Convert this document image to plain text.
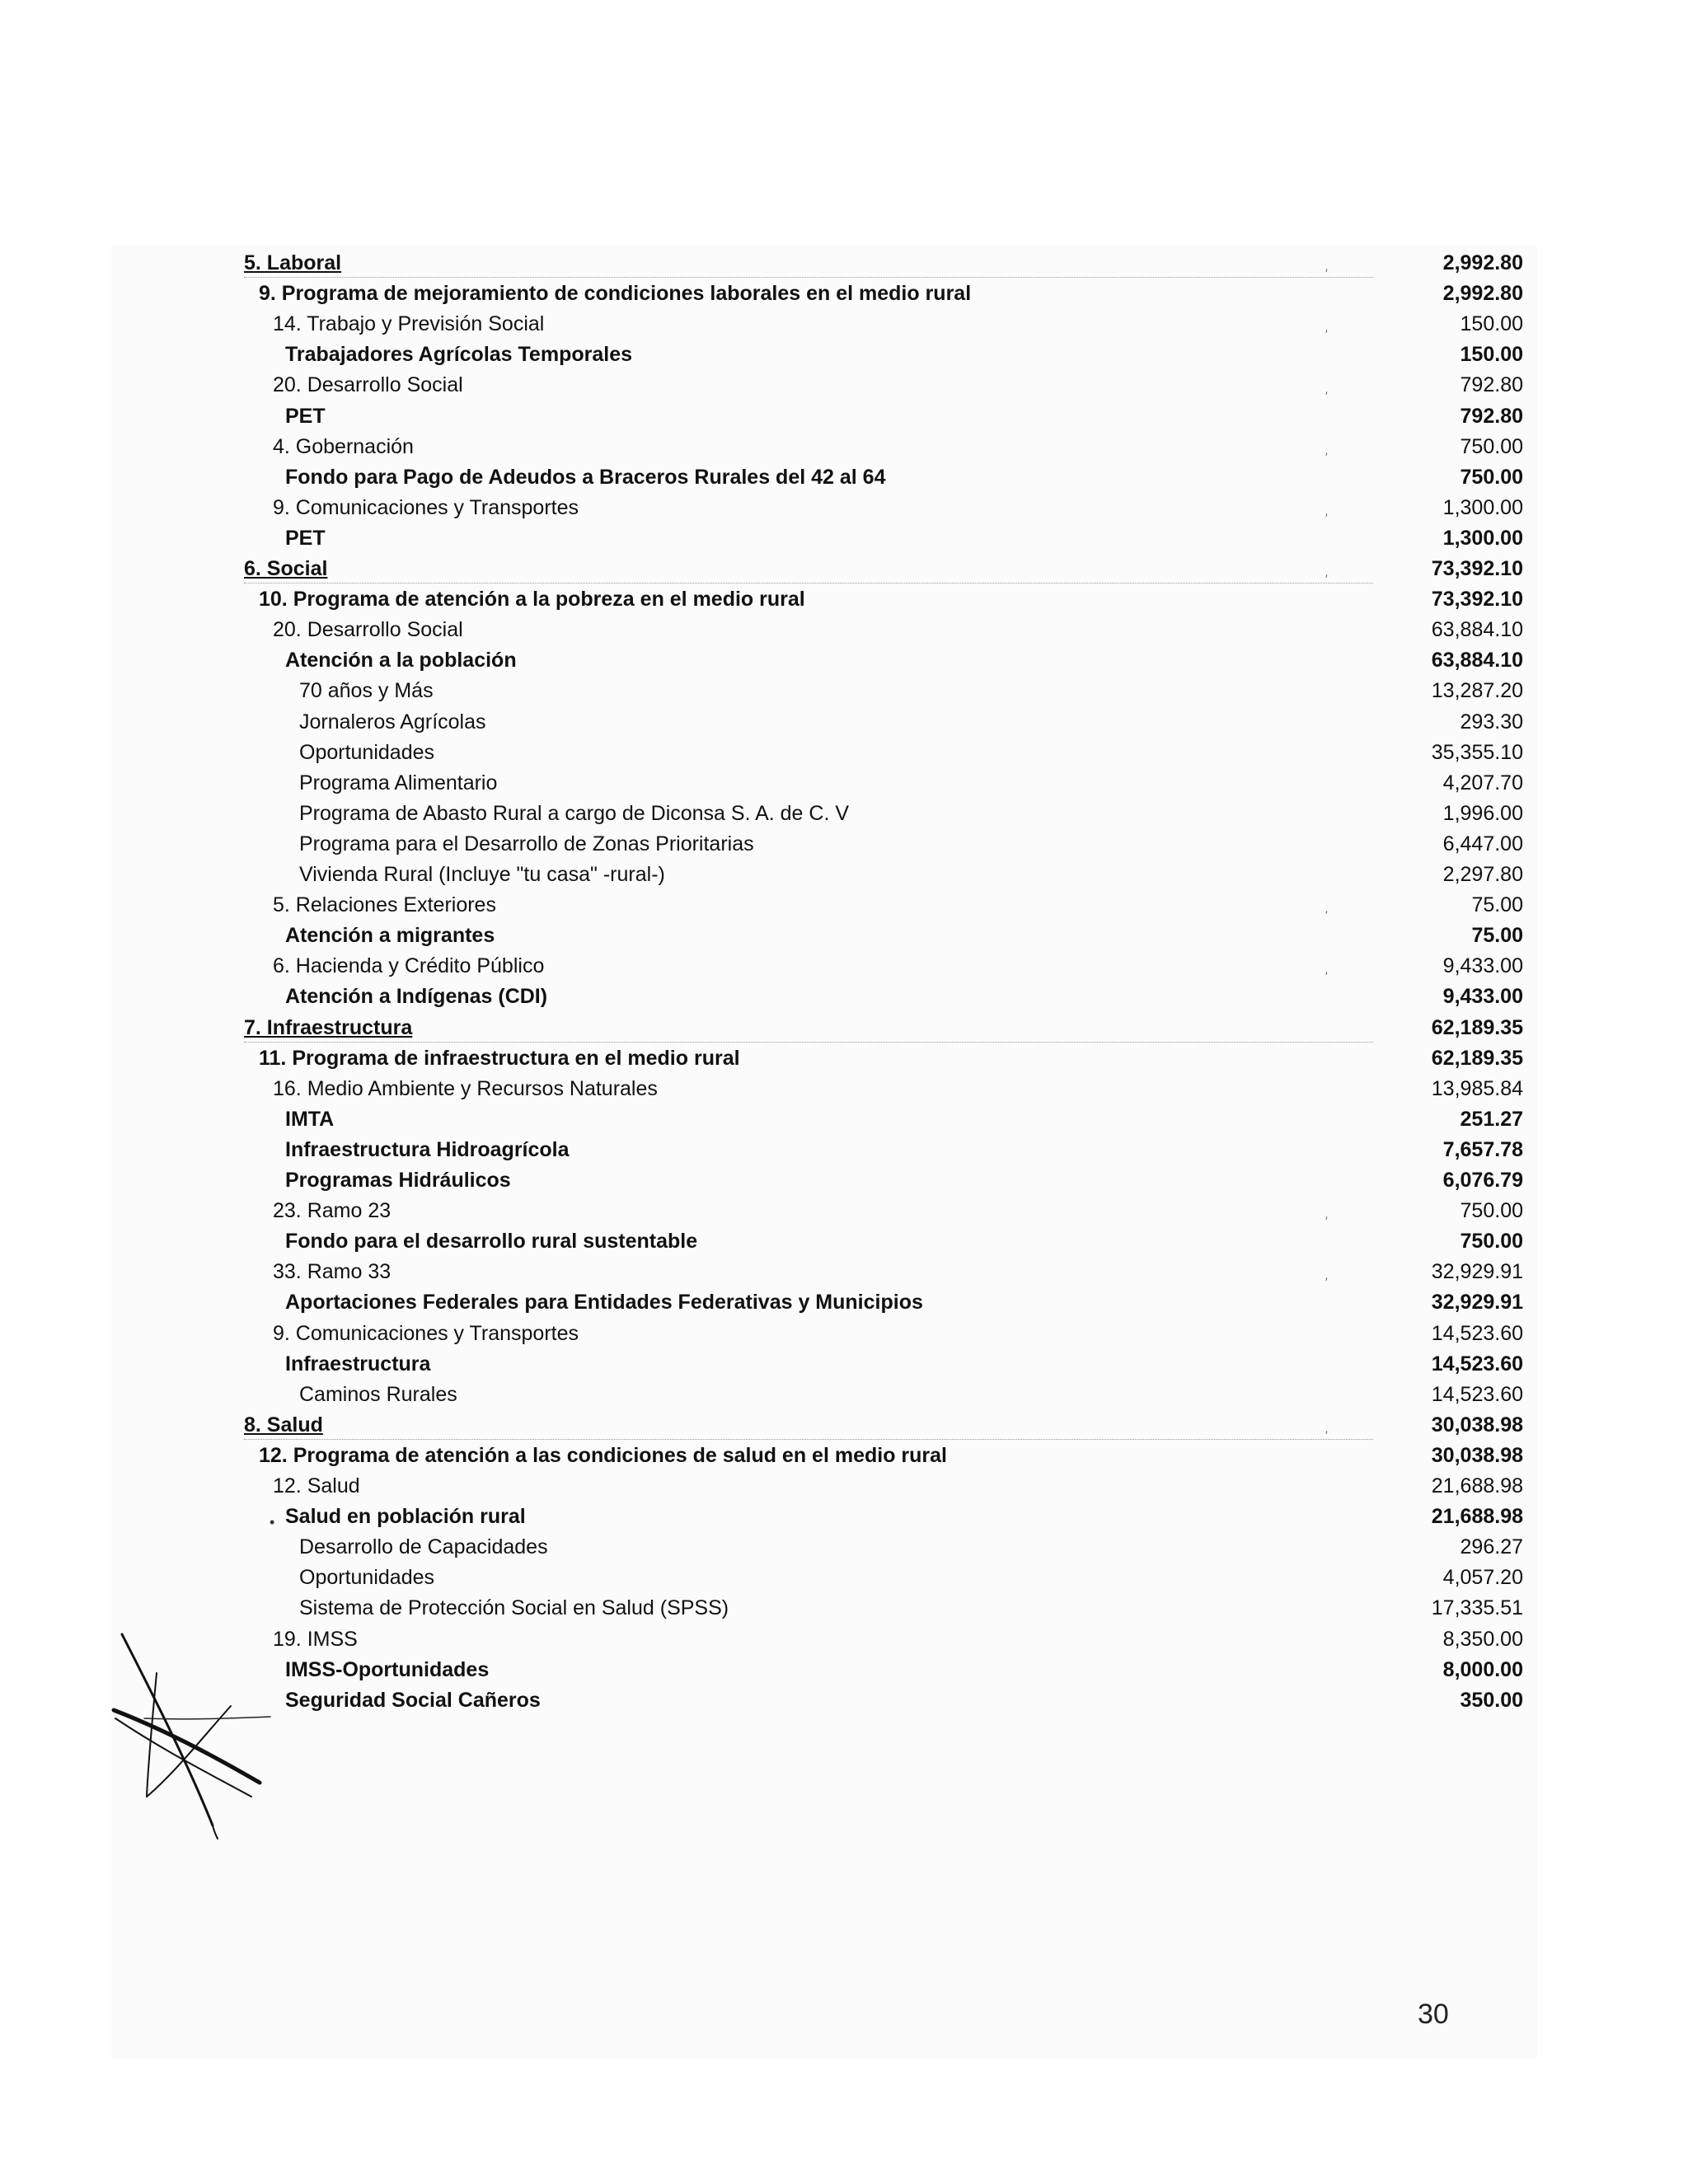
5. Laboral	2,992.80
9. Programa de mejoramiento de condiciones laborales en el medio rural	2,992.80
14. Trabajo y Previsión Social	150.00
Trabajadores Agrícolas Temporales	150.00
20. Desarrollo Social	792.80
PET	792.80
4. Gobernación	750.00
Fondo para Pago de Adeudos a Braceros Rurales del 42 al 64	750.00
9. Comunicaciones y Transportes	1,300.00
PET	1,300.00
6. Social	73,392.10
10. Programa de atención a la pobreza en el medio rural	73,392.10
20. Desarrollo Social	63,884.10
Atención a la población	63,884.10
70 años y Más	13,287.20
Jornaleros Agrícolas	293.30
Oportunidades	35,355.10
Programa Alimentario	4,207.70
Programa de Abasto Rural a cargo de Diconsa S. A. de C. V	1,996.00
Programa para el Desarrollo de Zonas Prioritarias	6,447.00
Vivienda Rural (Incluye "tu casa" -rural-)	2,297.80
5. Relaciones Exteriores	75.00
Atención a migrantes	75.00
6. Hacienda y Crédito Público	9,433.00
Atención a Indígenas (CDI)	9,433.00
7. Infraestructura	62,189.35
11. Programa de infraestructura en el medio rural	62,189.35
16. Medio Ambiente y Recursos Naturales	13,985.84
IMTA	251.27
Infraestructura Hidroagrícola	7,657.78
Programas Hidráulicos	6,076.79
23. Ramo 23	750.00
Fondo para el desarrollo rural sustentable	750.00
33. Ramo 33	32,929.91
Aportaciones Federales para Entidades Federativas y Municipios	32,929.91
9. Comunicaciones y Transportes	14,523.60
Infraestructura	14,523.60
Caminos Rurales	14,523.60
8. Salud	30,038.98
12. Programa de atención a las condiciones de salud en el medio rural	30,038.98
12. Salud	21,688.98
Salud en población rural	21,688.98
Desarrollo de Capacidades	296.27
Oportunidades	4,057.20
Sistema de Protección Social en Salud (SPSS)	17,335.51
19. IMSS	8,350.00
IMSS-Oportunidades	8,000.00
Seguridad Social Cañeros	350.00
′
′
′
′
′
′
′
′
′
′
′
•
30
